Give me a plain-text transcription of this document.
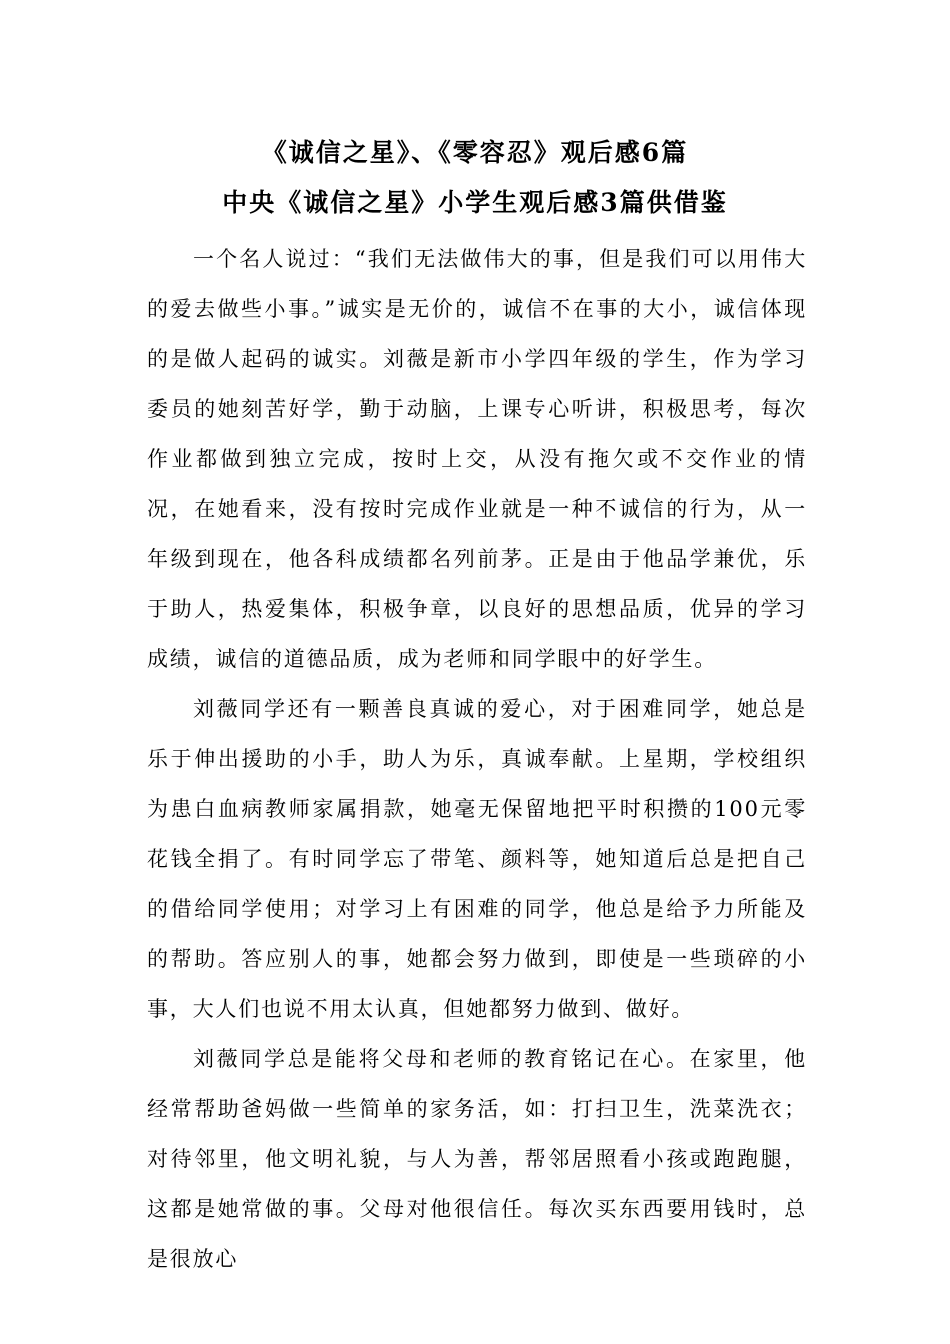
《诚信之星》、《零容忍》观后感6篇
中央《诚信之星》小学生观后感3篇供借鉴

一个名人说过：“我们无法做伟大的事，但是我们可以用伟大的爱去做些小事。”诚实是无价的，诚信不在事的大小，诚信体现的是做人起码的诚实。刘薇是新市小学四年级的学生，作为学习委员的她刻苦好学，勤于动脑，上课专心听讲，积极思考，每次作业都做到独立完成，按时上交，从没有拖欠或不交作业的情况，在她看来，没有按时完成作业就是一种不诚信的行为，从一年级到现在，他各科成绩都名列前茅。正是由于他品学兼优，乐于助人，热爱集体，积极争章，以良好的思想品质，优异的学习成绩，诚信的道德品质，成为老师和同学眼中的好学生。

刘薇同学还有一颗善良真诚的爱心，对于困难同学，她总是乐于伸出援助的小手，助人为乐，真诚奉献。上星期，学校组织为患白血病教师家属捐款，她毫无保留地把平时积攒的100元零花钱全捐了。有时同学忘了带笔、颜料等，她知道后总是把自己的借给同学使用；对学习上有困难的同学，他总是给予力所能及的帮助。答应别人的事，她都会努力做到，即使是一些琐碎的小事，大人们也说不用太认真，但她都努力做到、做好。

刘薇同学总是能将父母和老师的教育铭记在心。在家里，他经常帮助爸妈做一些简单的家务活，如：打扫卫生，洗菜洗衣；对待邻里，他文明礼貌，与人为善，帮邻居照看小孩或跑跑腿，这都是她常做的事。父母对他很信任。每次买东西要用钱时，总是很放心
